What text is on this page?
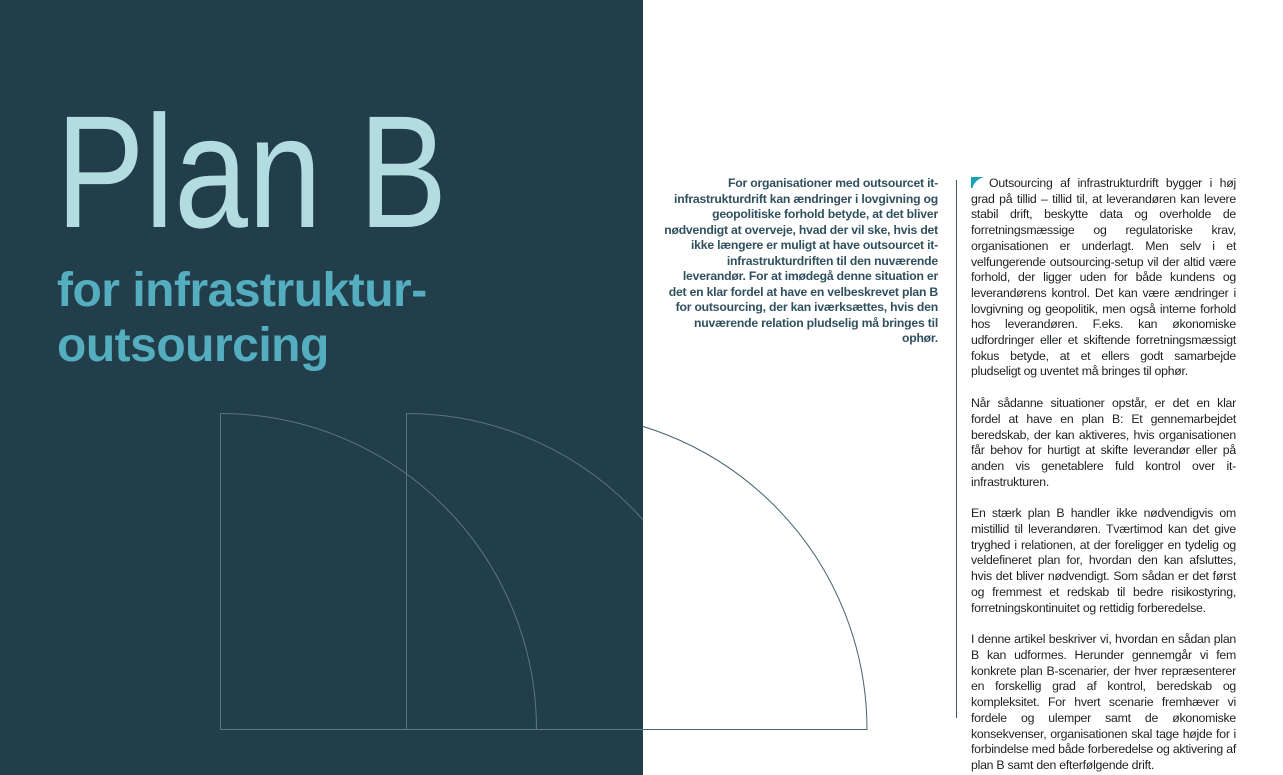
Plan B
for infrastruktur-
outsourcing
For organisationer med outsourcet it-infrastrukturdrift kan ændringer i lovgivning og geopolitiske forhold betyde, at det bliver nødvendigt at overveje, hvad der vil ske, hvis det ikke længere er muligt at have outsourcet it-infrastrukturdriften til den nuværende leverandør. For at imødegå denne situation er det en klar fordel at have en velbeskrevet plan B for outsourcing, der kan iværksættes, hvis den nuværende relation pludselig må bringes til ophør.

Outsourcing af infrastrukturdrift bygger i høj grad på tillid – tillid til, at leverandøren kan levere stabil drift, beskytte data og overholde de forretningsmæssige og regulatoriske krav, organisationen er underlagt. Men selv i et velfungerende outsourcing-setup vil der altid være forhold, der ligger uden for både kundens og leverandørens kontrol. Det kan være ændringer i lovgivning og geopolitik, men også interne forhold hos leverandøren. F.eks. kan økonomiske udfordringer eller et skiftende forretningsmæssigt fokus betyde, at et ellers godt samarbejde pludseligt og uventet må bringes til ophør.

Når sådanne situationer opstår, er det en klar fordel at have en plan B: Et gennemarbejdet beredskab, der kan aktiveres, hvis organisationen får behov for hurtigt at skifte leverandør eller på anden vis genetablere fuld kontrol over it-infrastrukturen.

En stærk plan B handler ikke nødvendigvis om mistillid til leverandøren. Tværtimod kan det give tryghed i relationen, at der foreligger en tydelig og veldefineret plan for, hvordan den kan afsluttes, hvis det bliver nødvendigt. Som sådan er det først og fremmest et redskab til bedre risikostyring, forretningskontinuitet og rettidig forberedelse.

I denne artikel beskriver vi, hvordan en sådan plan B kan udformes. Herunder gennemgår vi fem konkrete plan B-scenarier, der hver repræsenterer en forskellig grad af kontrol, beredskab og kompleksitet. For hvert scenarie fremhæver vi fordele og ulemper samt de økonomiske konsekvenser, organisationen skal tage højde for i forbindelse med både forberedelse og aktivering af plan B samt den efterfølgende drift.
